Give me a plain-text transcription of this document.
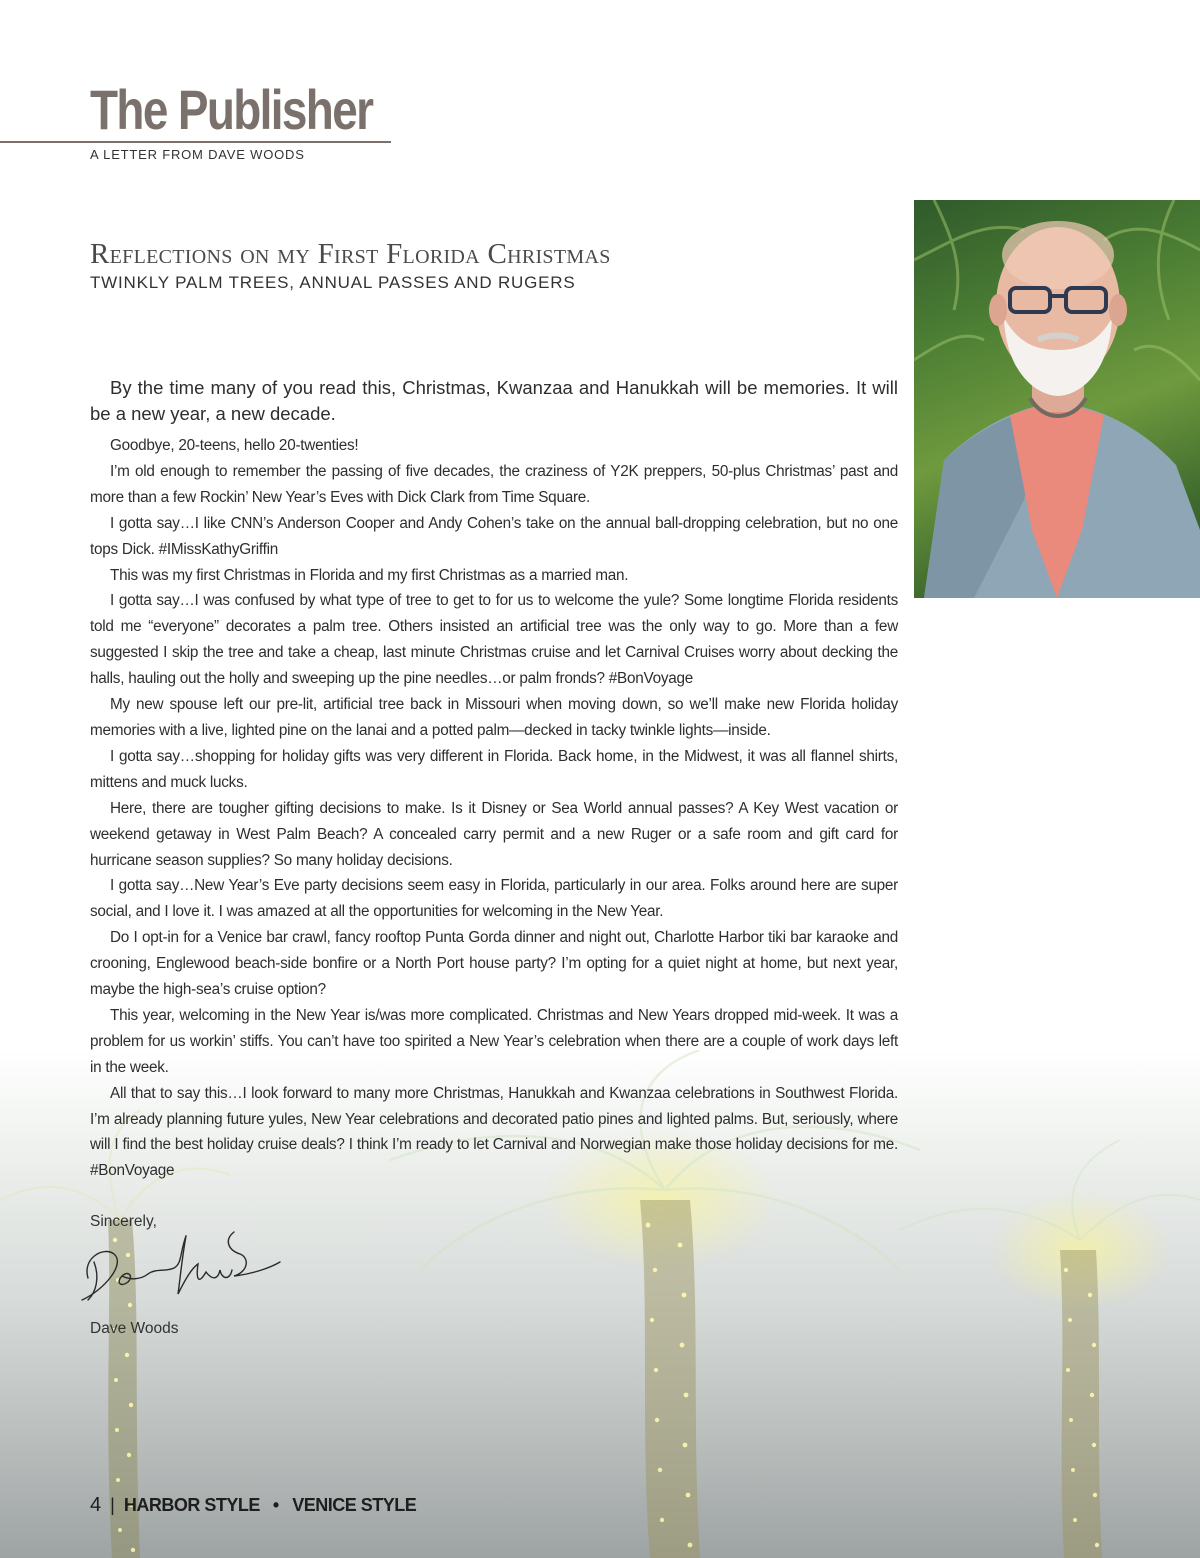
The Publisher
A LETTER FROM DAVE WOODS
Reflections on my First Florida Christmas
TWINKLY PALM TREES, ANNUAL PASSES AND RUGERS

By the time many of you read this, Christmas, Kwanzaa and Hanukkah will be memories. It will be a new year, a new decade.

Goodbye, 20-teens, hello 20-twenties!

I’m old enough to remember the passing of five decades, the craziness of Y2K preppers, 50-plus Christmas’ past and more than a few Rockin’ New Year’s Eves with Dick Clark from Time Square.

I gotta say…I like CNN’s Anderson Cooper and Andy Cohen’s take on the annual ball-dropping celebration, but no one tops Dick. #IMissKathyGriffin

This was my first Christmas in Florida and my first Christmas as a married man.

I gotta say…I was confused by what type of tree to get to for us to welcome the yule? Some longtime Florida residents told me “everyone” decorates a palm tree. Others insisted an artificial tree was the only way to go. More than a few suggested I skip the tree and take a cheap, last minute Christmas cruise and let Carnival Cruises worry about decking the halls, hauling out the holly and sweeping up the pine needles…or palm fronds? #BonVoyage

My new spouse left our pre-lit, artificial tree back in Missouri when moving down, so we’ll make new Florida holiday memories with a live, lighted pine on the lanai and a potted palm—decked in tacky twinkle lights—inside.

I gotta say…shopping for holiday gifts was very different in Florida. Back home, in the Midwest, it was all flannel shirts, mittens and muck lucks.

Here, there are tougher gifting decisions to make. Is it Disney or Sea World annual passes? A Key West vacation or weekend getaway in West Palm Beach? A concealed carry permit and a new Ruger or a safe room and gift card for hurricane season supplies? So many holiday decisions.

I gotta say…New Year’s Eve party decisions seem easy in Florida, particularly in our area. Folks around here are super social, and I love it. I was amazed at all the opportunities for welcoming in the New Year.

Do I opt-in for a Venice bar crawl, fancy rooftop Punta Gorda dinner and night out, Charlotte Harbor tiki bar karaoke and crooning, Englewood beach-side bonfire or a North Port house party? I’m opting for a quiet night at home, but next year, maybe the high-sea’s cruise option?

This year, welcoming in the New Year is/was more complicated. Christmas and New Years dropped mid-week. It was a problem for us workin’ stiffs. You can’t have too spirited a New Year’s celebration when there are a couple of work days left in the week.

All that to say this…I look forward to many more Christmas, Hanukkah and Kwanzaa celebrations in Southwest Florida. I’m already planning future yules, New Year celebrations and decorated patio pines and lighted palms. But, seriously, where will I find the best holiday cruise deals? I think I’m ready to let Carnival and Norwegian make those holiday decisions for me. #BonVoyage

Sincerely,
Dave Woods
4 | HARBOR STYLE • VENICE STYLE
